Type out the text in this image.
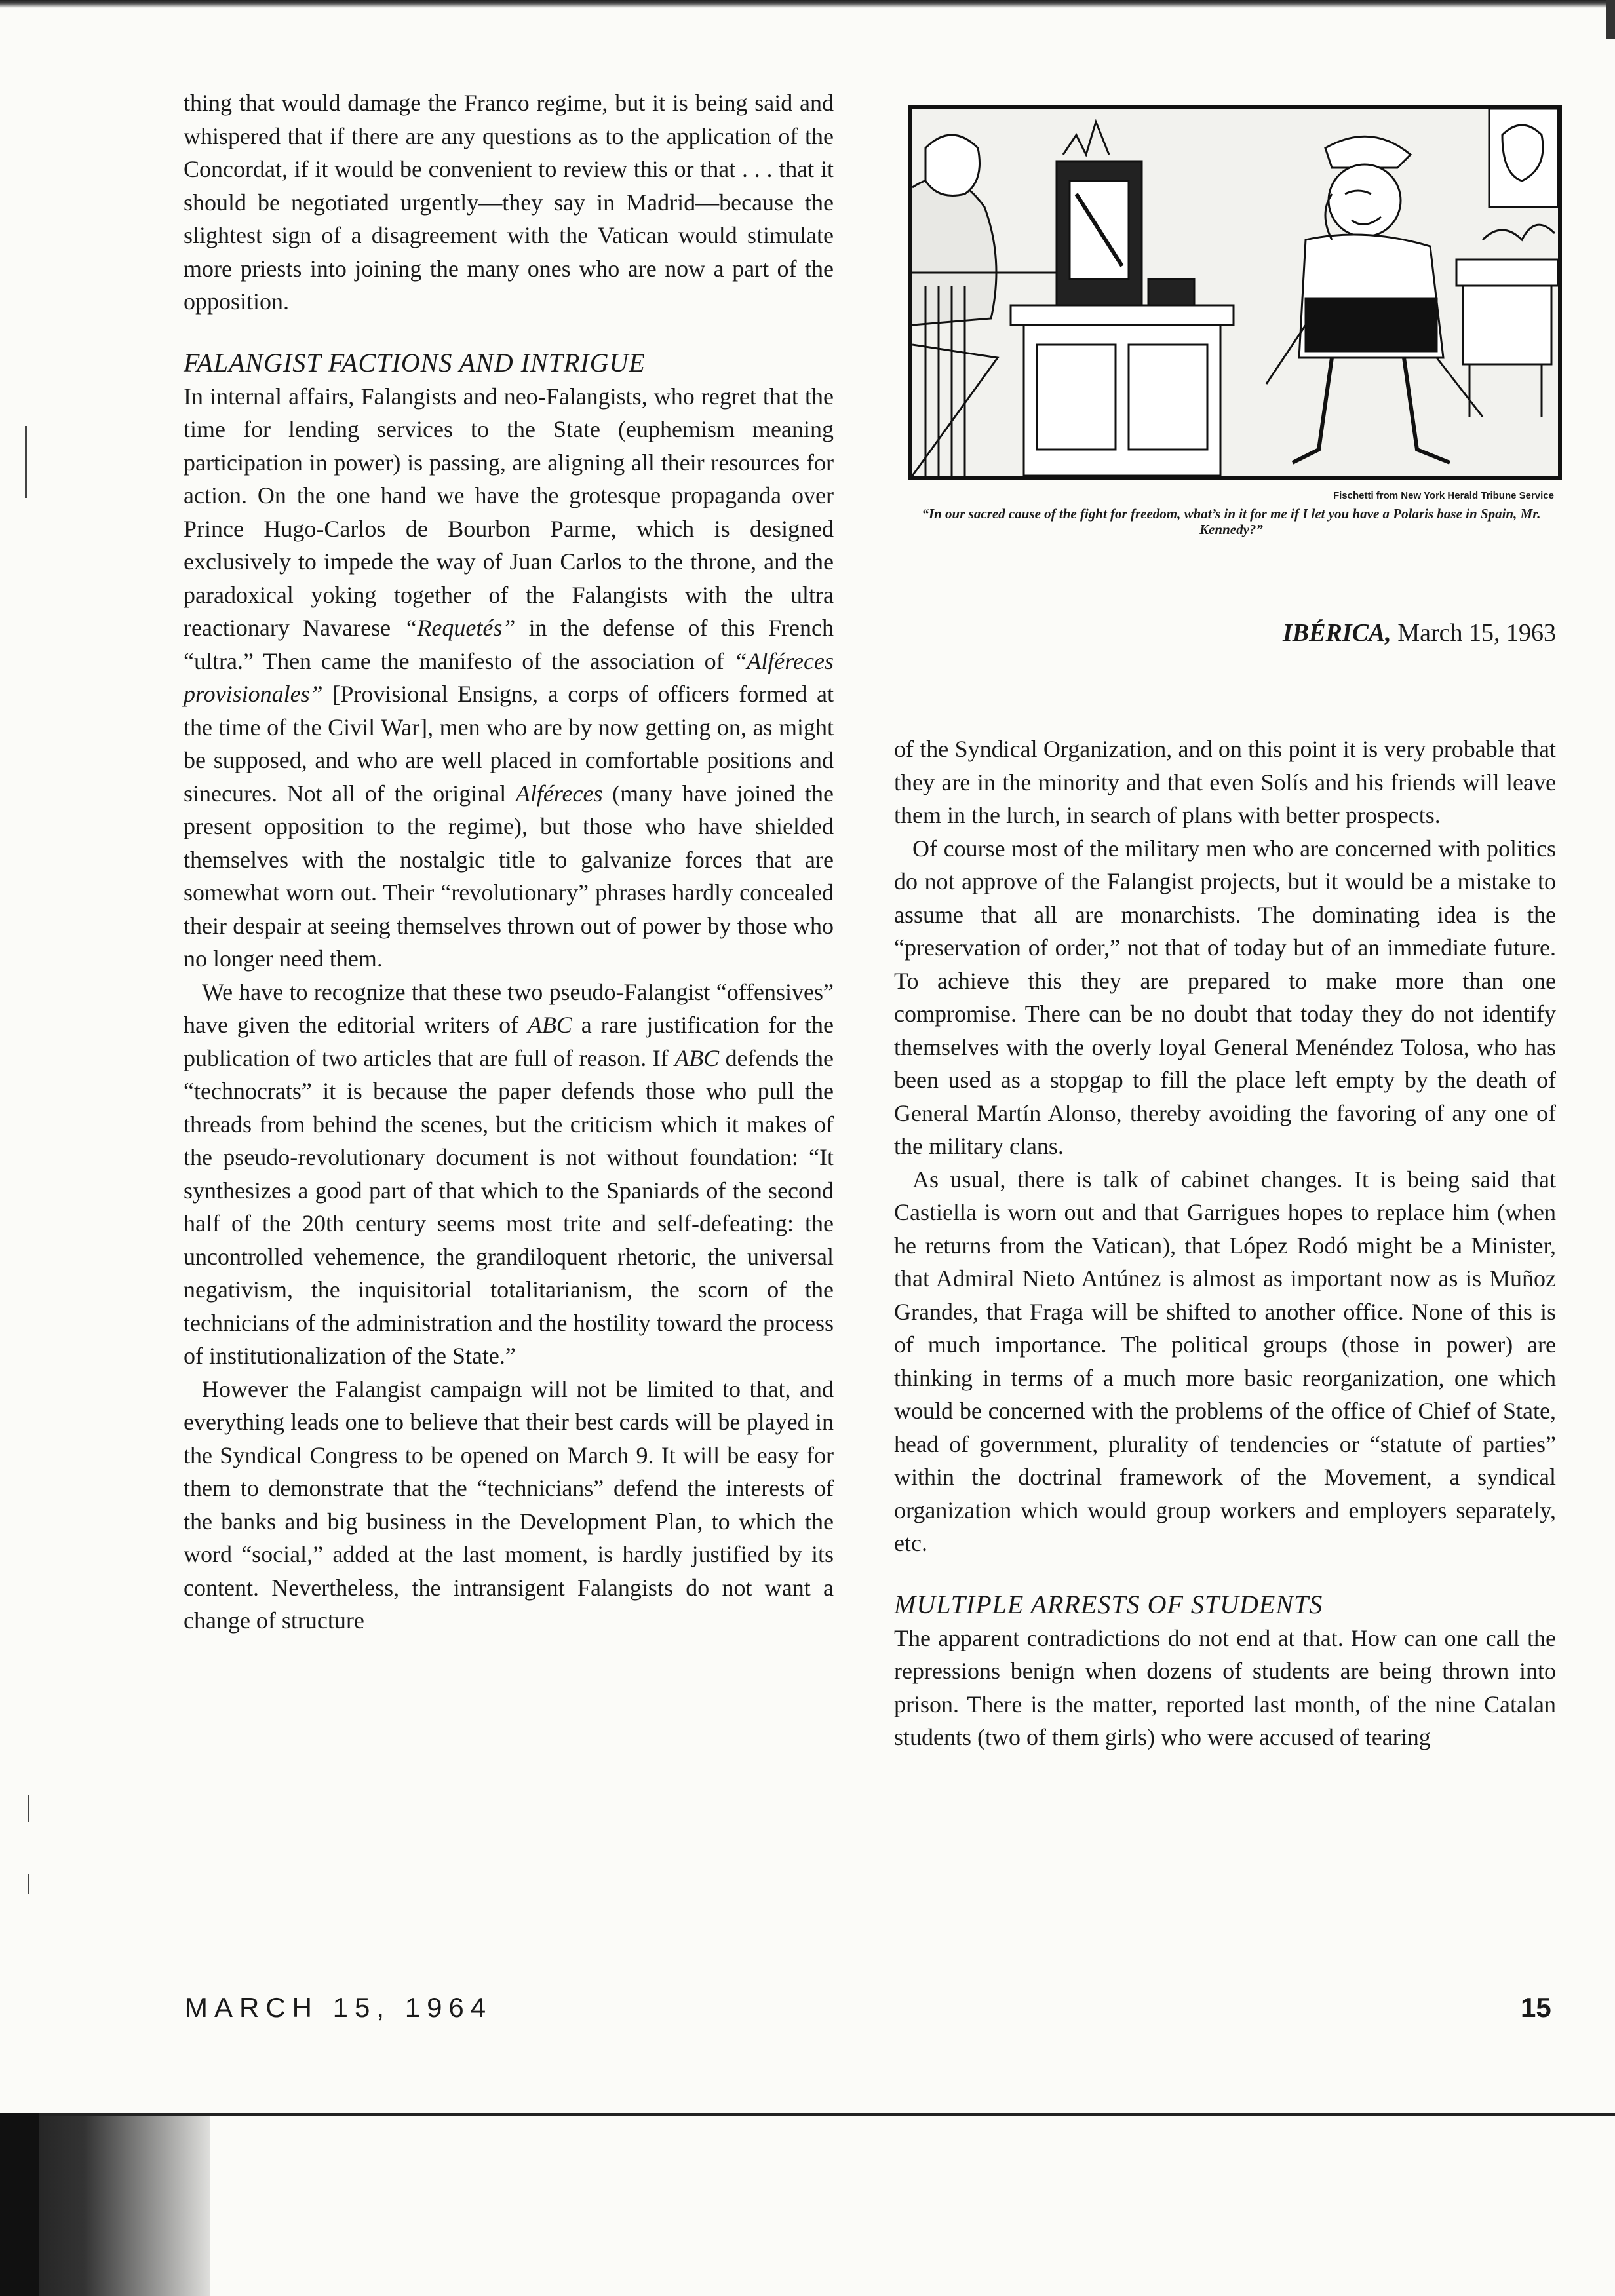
thing that would damage the Franco regime, but it is being said and whispered that if there are any questions as to the application of the Concordat, if it would be convenient to review this or that . . . that it should be negotiated urgently—they say in Madrid—because the slightest sign of a disagreement with the Vatican would stimulate more priests into joining the many ones who are now a part of the opposition.

FALANGIST FACTIONS AND INTRIGUE

In internal affairs, Falangists and neo-Falangists, who regret that the time for lending services to the State (euphemism meaning participation in power) is passing, are aligning all their resources for action. On the one hand we have the grotesque propaganda over Prince Hugo-Carlos de Bourbon Parme, which is designed exclusively to impede the way of Juan Carlos to the throne, and the paradoxical yoking together of the Falangists with the ultra reactionary Navarese “Requetés” in the defense of this French “ultra.” Then came the manifesto of the association of “Alféreces provisionales” [Provisional Ensigns, a corps of officers formed at the time of the Civil War], men who are by now getting on, as might be supposed, and who are well placed in comfortable positions and sinecures. Not all of the original Alféreces (many have joined the present opposition to the regime), but those who have shielded themselves with the nostalgic title to galvanize forces that are somewhat worn out. Their “revolutionary” phrases hardly concealed their despair at seeing themselves thrown out of power by those who no longer need them.

We have to recognize that these two pseudo-Falangist “offensives” have given the editorial writers of ABC a rare justification for the publication of two articles that are full of reason. If ABC defends the “technocrats” it is because the paper defends those who pull the threads from behind the scenes, but the criticism which it makes of the pseudo-revolutionary document is not without foundation: “It synthesizes a good part of that which to the Spaniards of the second half of the 20th century seems most trite and self-defeating: the uncontrolled vehemence, the grandiloquent rhetoric, the universal negativism, the inquisitorial totalitarianism, the scorn of the technicians of the administration and the hostility toward the process of institutionalization of the State.”

However the Falangist campaign will not be limited to that, and everything leads one to believe that their best cards will be played in the Syndical Congress to be opened on March 9. It will be easy for them to demonstrate that the “technicians” defend the interests of the banks and big business in the Development Plan, to which the word “social,” added at the last moment, is hardly justified by its content. Nevertheless, the intransigent Falangists do not want a change of structure

Fischetti from New York Herald Tribune Service
“In our sacred cause of the fight for freedom, what’s in it for me if I let you have a Polaris base in Spain, Mr. Kennedy?”
IBÉRICA, March 15, 1963

of the Syndical Organization, and on this point it is very probable that they are in the minority and that even Solís and his friends will leave them in the lurch, in search of plans with better prospects.

Of course most of the military men who are concerned with politics do not approve of the Falangist projects, but it would be a mistake to assume that all are monarchists. The dominating idea is the “preservation of order,” not that of today but of an immediate future. To achieve this they are prepared to make more than one compromise. There can be no doubt that today they do not identify themselves with the overly loyal General Menéndez Tolosa, who has been used as a stopgap to fill the place left empty by the death of General Martín Alonso, thereby avoiding the favoring of any one of the military clans.

As usual, there is talk of cabinet changes. It is being said that Castiella is worn out and that Garrigues hopes to replace him (when he returns from the Vatican), that López Rodó might be a Minister, that Admiral Nieto Antúnez is almost as important now as is Muñoz Grandes, that Fraga will be shifted to another office. None of this is of much importance. The political groups (those in power) are thinking in terms of a much more basic reorganization, one which would be concerned with the problems of the office of Chief of State, head of government, plurality of tendencies or “statute of parties” within the doctrinal framework of the Movement, a syndical organization which would group workers and employers separately, etc.

MULTIPLE ARRESTS OF STUDENTS

The apparent contradictions do not end at that. How can one call the repressions benign when dozens of students are being thrown into prison. There is the matter, reported last month, of the nine Catalan students (two of them girls) who were accused of tearing

MARCH 15, 1964	15
